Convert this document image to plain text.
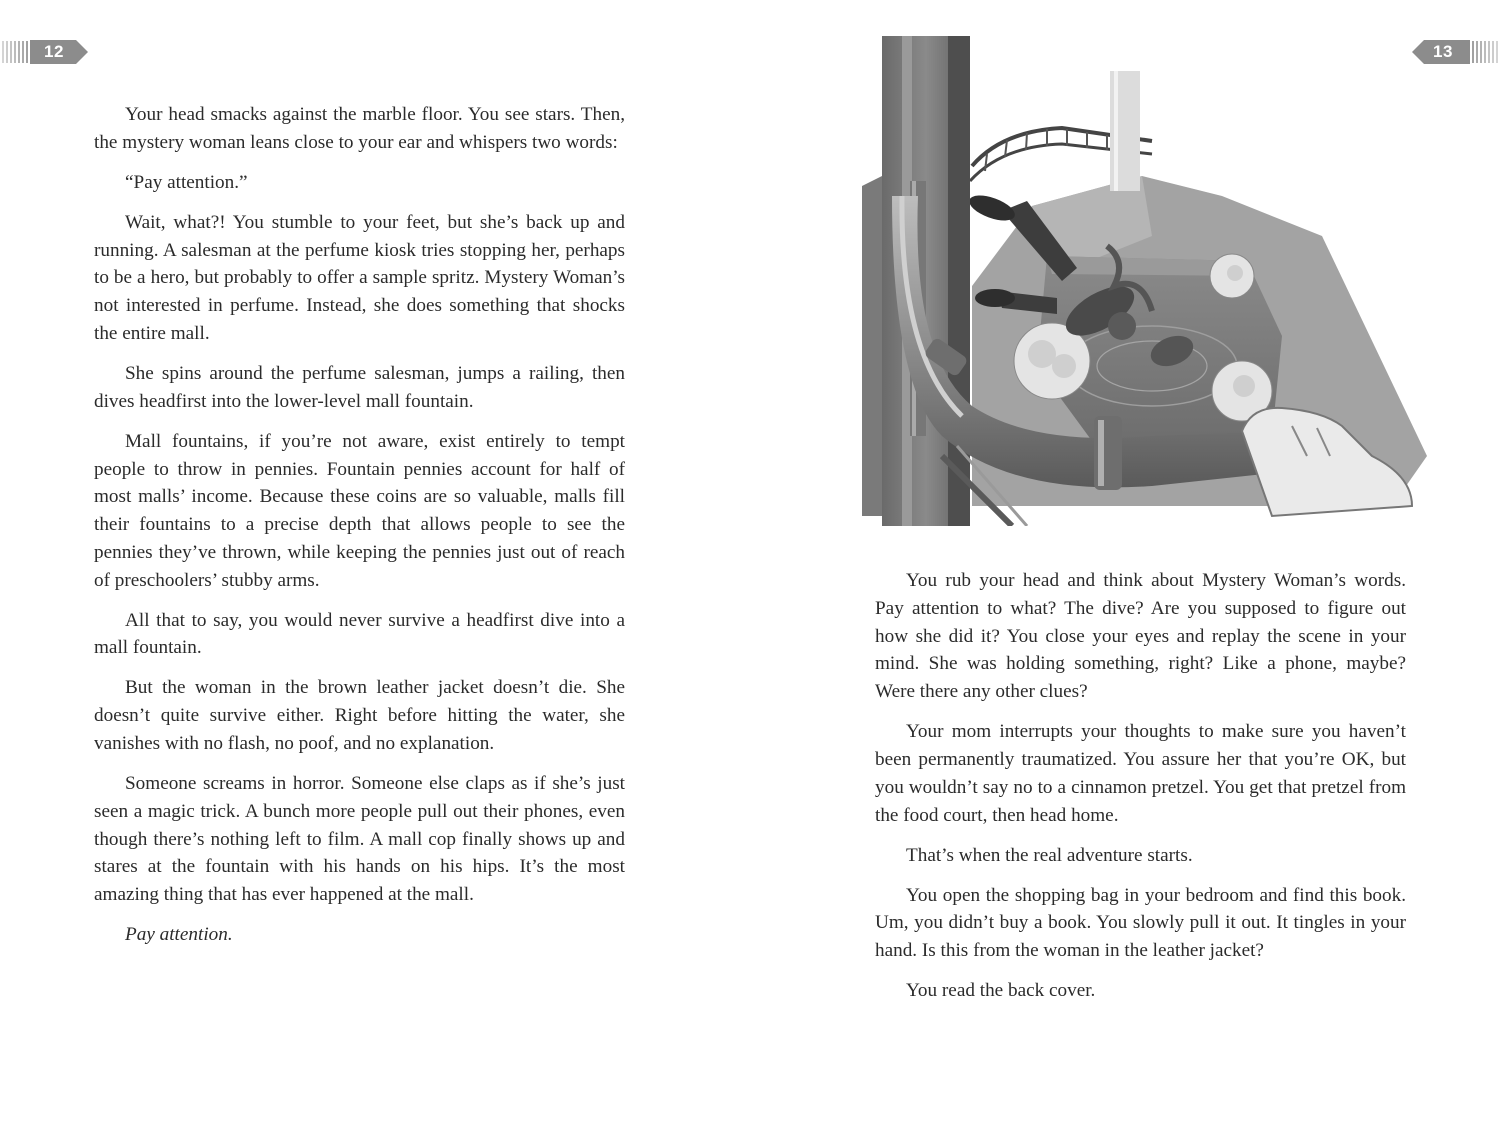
12

Your head smacks against the marble floor. You see stars. Then, the mystery woman leans close to your ear and whispers two words:

“Pay attention.”

Wait, what?! You stumble to your feet, but she’s back up and running. A salesman at the perfume kiosk tries stopping her, perhaps to be a hero, but probably to offer a sample spritz. Mystery Woman’s not interested in perfume. Instead, she does something that shocks the entire mall.

She spins around the perfume salesman, jumps a railing, then dives headfirst into the lower-level mall fountain.

Mall fountains, if you’re not aware, exist entirely to tempt people to throw in pennies. Fountain pennies account for half of most malls’ income. Because these coins are so valuable, malls fill their fountains to a precise depth that allows people to see the pennies they’ve thrown, while keeping the pennies just out of reach of preschoolers’ stubby arms.

All that to say, you would never survive a headfirst dive into a mall fountain.

But the woman in the brown leather jacket doesn’t die. She doesn’t quite survive either. Right before hitting the water, she vanishes with no flash, no poof, and no explanation.

Someone screams in horror. Someone else claps as if she’s just seen a magic trick. A bunch more people pull out their phones, even though there’s nothing left to film. A mall cop finally shows up and stares at the fountain with his hands on his hips. It’s the most amazing thing that has ever happened at the mall.

Pay attention.

13

You rub your head and think about Mystery Woman’s words. Pay attention to what? The dive? Are you supposed to figure out how she did it? You close your eyes and replay the scene in your mind. She was holding something, right? Like a phone, maybe? Were there any other clues?

Your mom interrupts your thoughts to make sure you haven’t been permanently traumatized. You assure her that you’re OK, but you wouldn’t say no to a cinnamon pretzel. You get that pretzel from the food court, then head home.

That’s when the real adventure starts.

You open the shopping bag in your bedroom and find this book. Um, you didn’t buy a book. You slowly pull it out. It tingles in your hand. Is this from the woman in the leather jacket?

You read the back cover.
